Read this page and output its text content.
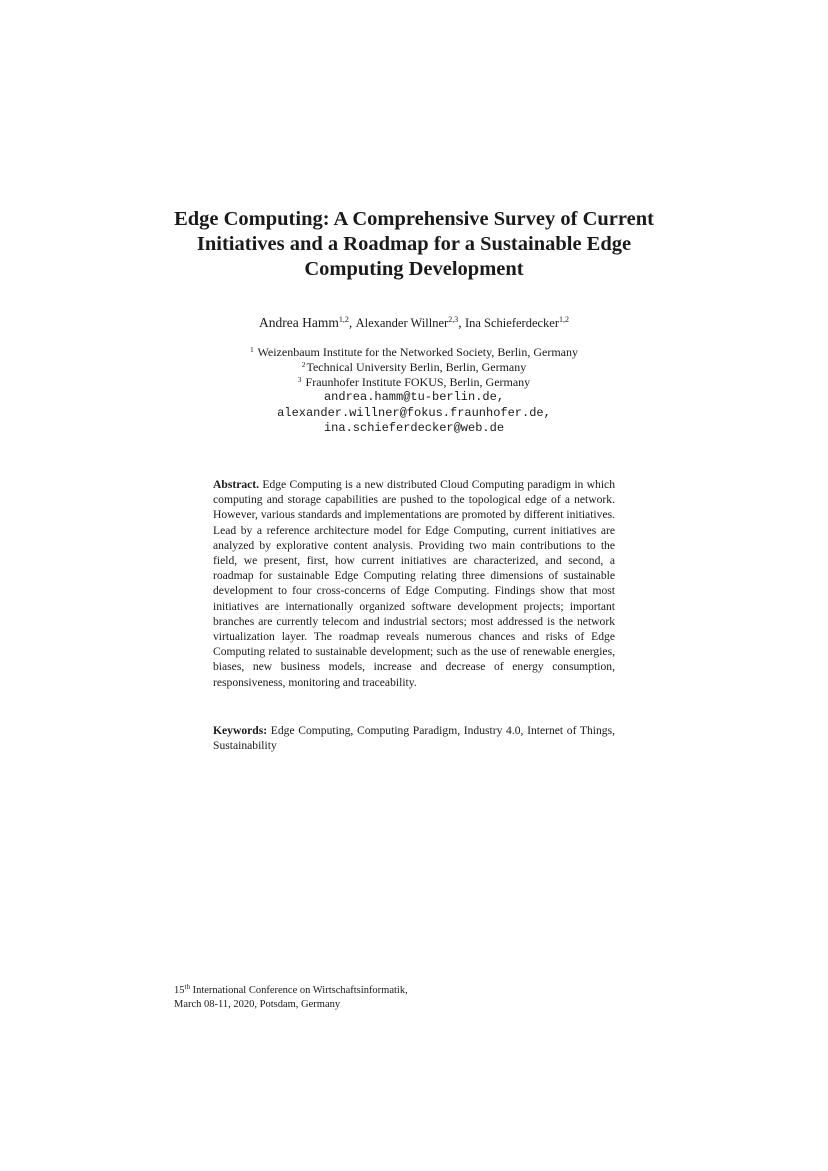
Edge Computing: A Comprehensive Survey of Current
Initiatives and a Roadmap for a Sustainable Edge
Computing Development
Andrea Hamm$^{1,2}$, Alexander Willner$^{2,3}$, Ina Schieferdecker$^{1,2}$
$^1$ Weizenbaum Institute for the Networked Society, Berlin, Germany
$^2$Technical University Berlin, Berlin, Germany
$^3$ Fraunhofer Institute FOKUS, Berlin, Germany
andrea.hamm@tu-berlin.de,
alexander.willner@fokus.fraunhofer.de,
ina.schieferdecker@web.de
Abstract. Edge Computing is a new distributed Cloud Computing paradigm in which computing and storage capabilities are pushed to the topological edge of a network. However, various standards and implementations are promoted by different initiatives. Lead by a reference architecture model for Edge Computing, current initiatives are analyzed by explorative content analysis. Providing two main contributions to the field, we present, first, how current initiatives are characterized, and second, a roadmap for sustainable Edge Computing relating three dimensions of sustainable development to four cross-concerns of Edge Computing. Findings show that most initiatives are internationally organized software development projects; important branches are currently telecom and industrial sectors; most addressed is the network virtualization layer. The roadmap reveals numerous chances and risks of Edge Computing related to sustainable development; such as the use of renewable energies, biases, new business models, increase and decrease of energy consumption, responsiveness, monitoring and traceability.
Keywords: Edge Computing, Computing Paradigm, Industry 4.0, Internet of Things, Sustainability
15th International Conference on Wirtschaftsinformatik,
March 08-11, 2020, Potsdam, Germany
